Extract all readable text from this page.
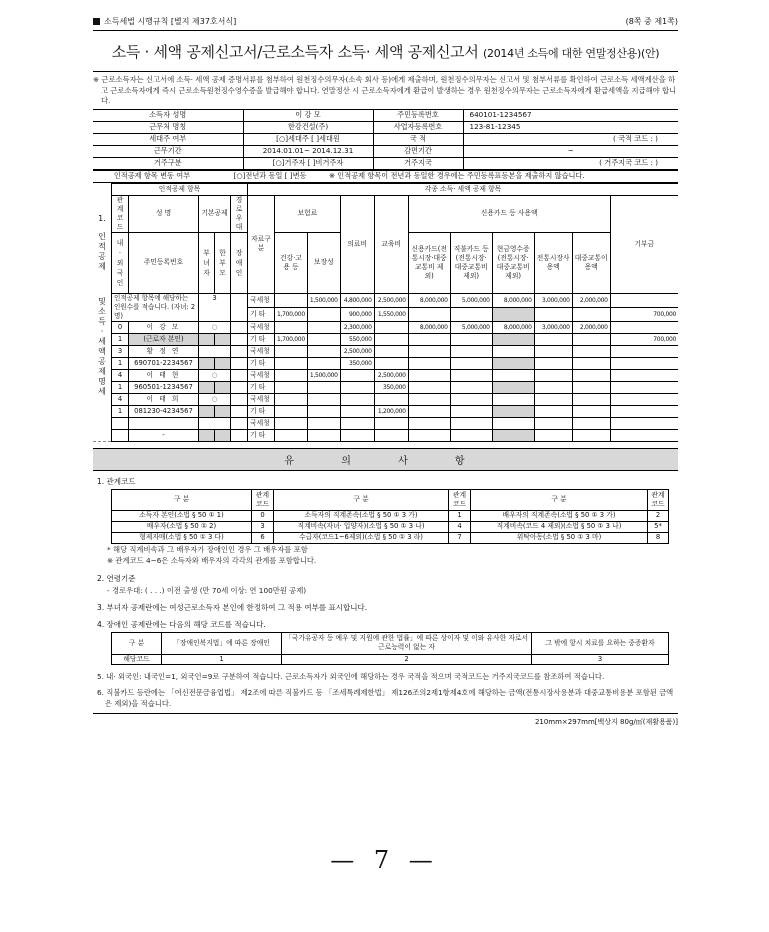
소득세법 시행규칙 [별지 제37호서식]	(8쪽 중 제1쪽)
소득 · 세액 공제신고서/근로소득자 소득· 세액 공제신고서 (2014년 소득에 대한 연말정산용)(안)
※ 근로소득자는 신고서에 소득· 세액 공제 증명서류를 첨부하여 원천징수의무자(소속 회사 등)에게 제출하며, 원천징수의무자는 신고서 및 첨부서류를 확인하여 근로소득 세액계산을 하고 근로소득자에게 즉시 근로소득원천징수영수증을 발급해야 합니다. 연말정산 시 근로소득자에게 환급이 발생하는 경우 원천징수의무자는 근로소득자에게 환급세액을 지급해야 합니다.
소득자 성명	이 강 모	주민등록번호	640101-1234567
근무처 명칭	한강건설(주)	사업자등록번호	123-81-12345
세대주 여부	[○]세대주 [ ]세대원	국 적	( 국적 코드 : )
근무기간	2014.01.01~ 2014.12.31	감면기간	~
거주구분	[○]거주자 [ ]비거주자	거주지국	( 거주지국 코드 : )
인적공제 항목 변동 여부	[○]전년과 동일 [ ]변동	※ 인적공제 항목이 전년과 동일한 경우에는 주민등록표등본을 제출하지 않습니다.
1.
인적공제	인적공제 항목					각종 소득· 세액 공제 항목										
	관계코드	성 명	기본공제		경로우대	자료구분	보험료		의료비	교육비	신용카드 등 사용액					기부금
	내·외국인	주민등록번호	부녀자	한부모	장애인		건강·고용 등	보장성			신용카드(전통시장·대중교통비 제외)	직불카드 등(전통시장·대중교통비 제외)	현금영수증(전통시장·대중교통비 제외)	전통시장사용액	대중교통이용액	
및 소득·세액공제 명세	인적공제 항목에 해당하는 인원수를 적습니다. (자녀: 2 명)		3			국세청		1,500,000	4,800,000	2,500,000	8,000,000	5,000,000	8,000,000	3,000,000	2,000,000	
						기 타	1,700,000		900,000	1,550,000						700,000
	0	이 강 모	○			국세청			2,300,000		8,000,000	5,000,000	8,000,000	3,000,000	2,000,000	
	1	(근로자 본인)				기 타	1,700,000		550,000							700,000
	3	황 정 연				국세청			2,500,000							
	1	690701-2234567				기 타			350,000							
	4	이 태 현	○			국세청		1,500,000		2,500,000						
	1	960501-1234567				기 타				350,000						
	4	이 태 희	○			국세청										
	1	081230-4234567				기 타				1,200,000						
						국세청										
		-				기 타										
유 의 사 항
1. 관계코드
구 분	관계코드	구 분	관계코드	구 분	관계코드
소득자 본인(소법 § 50 ① 1)	0	소득자의 직계존속(소법 § 50 ① 3 가)	1	배우자의 직계존속(소법 § 50 ① 3 가)	2
배우자(소법 § 50 ① 2)	3	직계비속(자녀· 입양자)(소법 § 50 ① 3 나)	4	직계비속(코드 4 제외)(소법 § 50 ① 3 나)	5*
형제자매(소법 § 50 ① 3 다)	6	수급자(코드1~6제외)(소법 § 50 ① 3 라)	7	위탁아동(소법 § 50 ① 3 마)	8
* 해당 직계비속과 그 배우자가 장애인인 경우 그 배우자를 포함
※ 관계코드 4~6은 소득자와 배우자의 각각의 관계를 포함합니다.
2. 연령기준
- 경로우대: ( . . .) 이전 출생 (만 70세 이상: 연 100만원 공제)
3. 부녀자 공제란에는 여성근로소득자 본인에 한정하여 그 적용 여부를 표시합니다.
4. 장애인 공제란에는 다음의 해당 코드를 적습니다.
구 분	「장애인복지법」에 따른 장애인	「국가유공자 등 예우 및 지원에 관한 법률」에 따른 상이자 및 이와 유사한 자로서 근로능력이 없는 자	그 밖에 항시 치료를 요하는 중증환자
해당코드	1	2	3
5. 내· 외국인: 내국인=1, 외국인=9로 구분하여 적습니다. 근로소득자가 외국인에 해당하는 경우 국적을 적으며 국적코드는 거주지국코드를 참조하여 적습니다.
6. 직불카드 등란에는 「여신전문금융업법」 제2조에 따른 직불카드 등 「조세특례제한법」 제126조의2제1항제4호에 해당하는 금액(전통시장사용분과 대중교통비용분 포함된 금액은 제외)을 적습니다.
210mm×297mm[백상지 80g/㎡(재활용품)]
— 7 —
